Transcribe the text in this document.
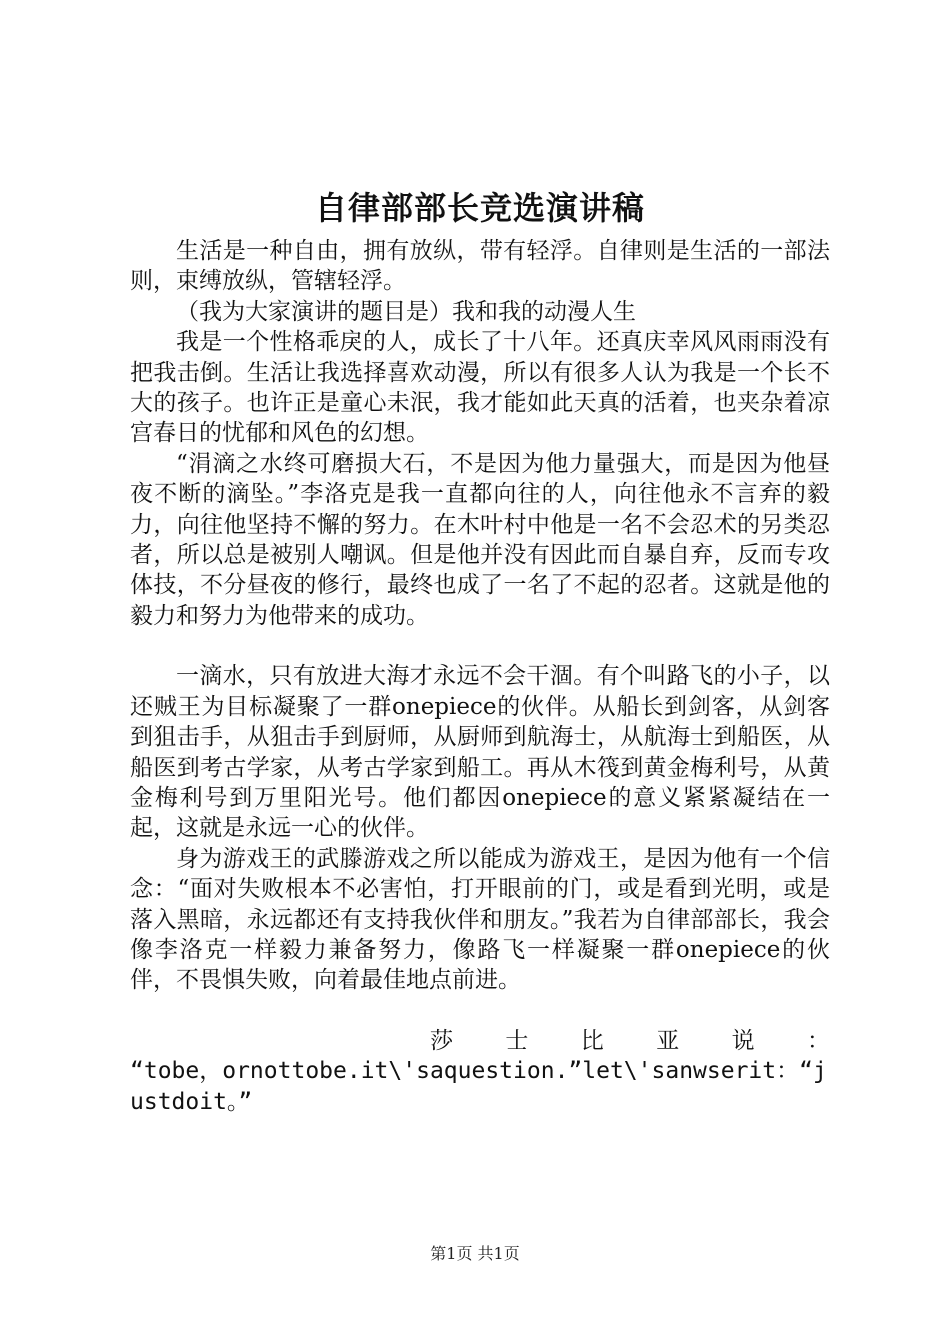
自律部部长竞选演讲稿

生活是一种自由，拥有放纵，带有轻浮。自律则是生活的一部法则，束缚放纵，管辖轻浮。

（我为大家演讲的题目是）我和我的动漫人生

我是一个性格乖戾的人，成长了十八年。还真庆幸风风雨雨没有把我击倒。生活让我选择喜欢动漫，所以有很多人认为我是一个长不大的孩子。也许正是童心未泯，我才能如此天真的活着，也夹杂着凉宫春日的忧郁和风色的幻想。

“涓滴之水终可磨损大石，不是因为他力量强大，而是因为他昼夜不断的滴坠。”李洛克是我一直都向往的人，向往他永不言弃的毅力，向往他坚持不懈的努力。在木叶村中他是一名不会忍术的另类忍者，所以总是被别人嘲讽。但是他并没有因此而自暴自弃，反而专攻体技，不分昼夜的修行，最终也成了一名了不起的忍者。这就是他的毅力和努力为他带来的成功。

一滴水，只有放进大海才永远不会干涸。有个叫路飞的小子，以还贼王为目标凝聚了一群onepiece的伙伴。从船长到剑客，从剑客到狙击手，从狙击手到厨师，从厨师到航海士，从航海士到船医，从船医到考古学家，从考古学家到船工。再从木筏到黄金梅利号，从黄金梅利号到万里阳光号。他们都因onepiece的意义紧紧凝结在一起，这就是永远一心的伙伴。

身为游戏王的武滕游戏之所以能成为游戏王，是因为他有一个信念：“面对失败根本不必害怕，打开眼前的门，或是看到光明，或是落入黑暗，永远都还有支持我伙伴和朋友。”我若为自律部部长，我会像李洛克一样毅力兼备努力，像路飞一样凝聚一群onepiece的伙伴，不畏惧失败，向着最佳地点前进。

莎士比亚说：

“tobe，ornottobe.it\'saquestion.”let\'sanwserit：“justdoit。”

第1页 共1页
